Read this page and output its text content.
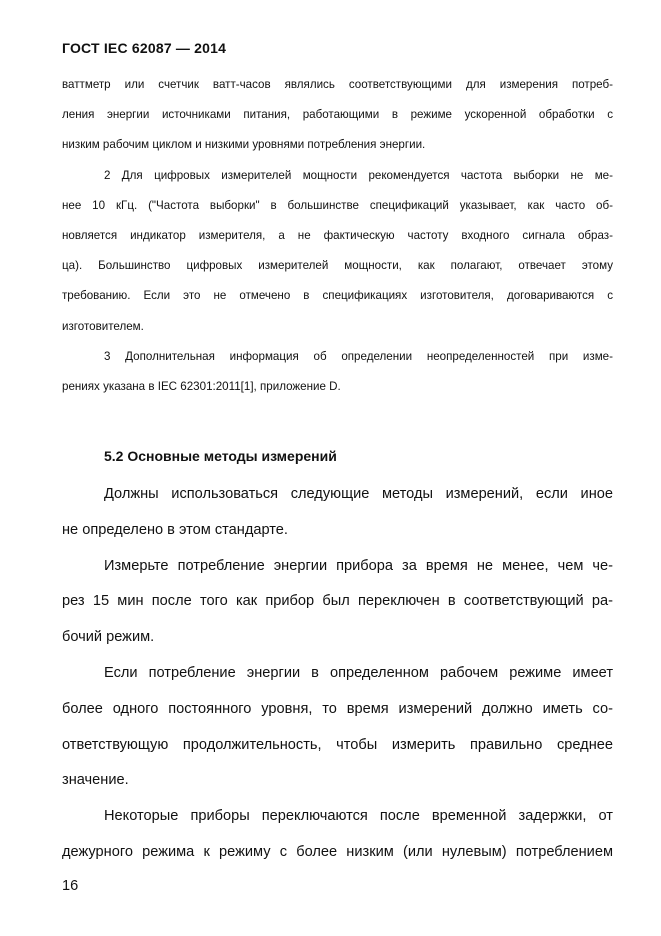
ГОСТ IEC 62087 — 2014
ваттметр или счетчик ватт-часов являлись соответствующими для измерения потреб-
ления энергии источниками питания, работающими в режиме ускоренной обработки с
низким рабочим циклом и низкими уровнями потребления энергии.
2 Для цифровых измерителей мощности рекомендуется частота выборки не ме-
нее 10 кГц. ("Частота выборки" в большинстве спецификаций указывает, как часто об-
новляется индикатор измерителя, а не фактическую частоту входного сигнала образ-
ца). Большинство цифровых измерителей мощности, как полагают, отвечает этому
требованию. Если это не отмечено в спецификациях изготовителя, договариваются с
изготовителем.
3 Дополнительная информация об определении неопределенностей при изме-
рениях указана в IEC 62301:2011[1], приложение D.
5.2 Основные методы измерений
Должны использоваться следующие методы измерений, если иное
не определено в этом стандарте.
Измерьте потребление энергии прибора за время не менее, чем че-
рез 15 мин после того как прибор был переключен в соответствующий ра-
бочий режим.
Если потребление энергии в определенном рабочем режиме имеет
более одного постоянного уровня, то время измерений должно иметь со-
ответствующую продолжительность, чтобы измерить правильно среднее
значение.
Некоторые приборы переключаются после временной задержки, от
дежурного режима к режиму с более низким (или нулевым) потреблением
16
